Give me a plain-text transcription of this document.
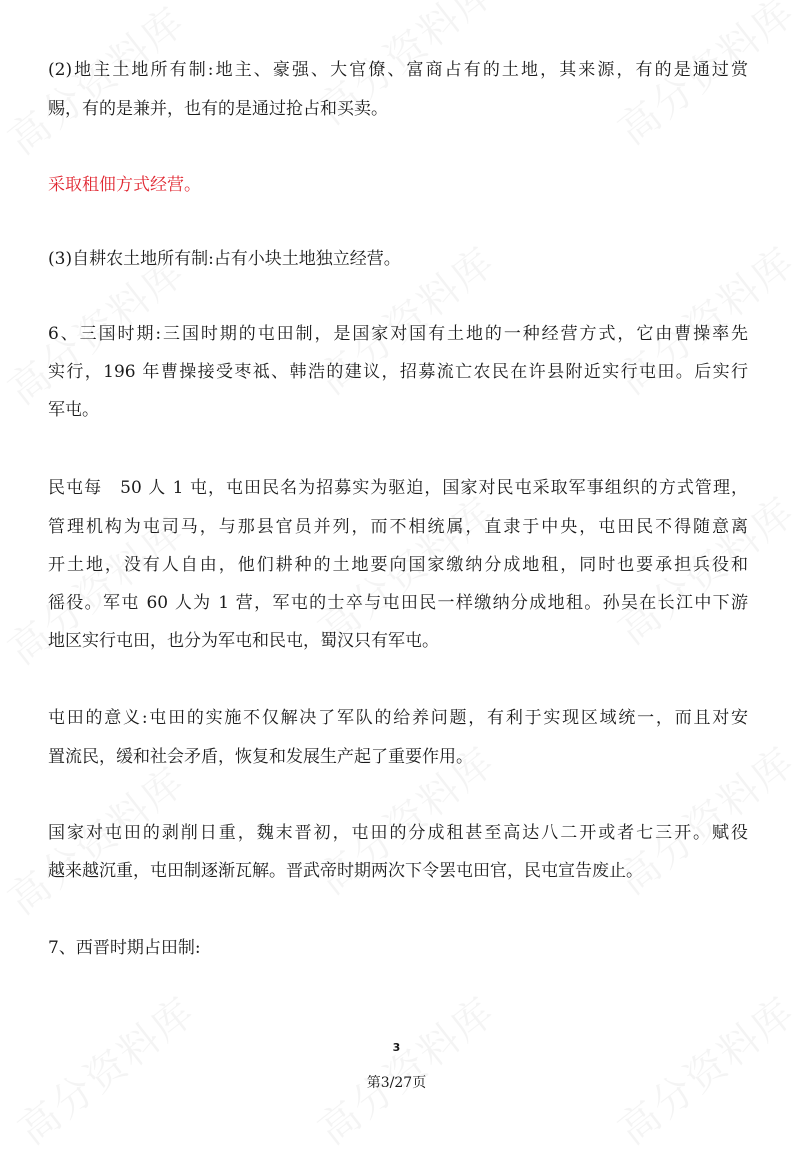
(2)地主土地所有制:地主、豪强、大官僚、富商占有的土地，其来源，有的是通过赏
赐，有的是兼并，也有的是通过抢占和买卖。
采取租佃方式经营。
(3)自耕农土地所有制:占有小块土地独立经营。
6、三国时期:三国时期的屯田制，是国家对国有土地的一种经营方式，它由曹操率先
实行，196 年曹操接受枣祗、韩浩的建议，招募流亡农民在许县附近实行屯田。后实行
军屯。
民屯每　50 人 1 屯，屯田民名为招募实为驱迫，国家对民屯采取军事组织的方式管理，
管理机构为屯司马，与那县官员并列，而不相统属，直隶于中央，屯田民不得随意离
开土地，没有人自由，他们耕种的土地要向国家缴纳分成地租，同时也要承担兵役和
徭役。军屯 60 人为 1 营，军屯的士卒与屯田民一样缴纳分成地租。孙吴在长江中下游
地区实行屯田，也分为军屯和民屯，蜀汉只有军屯。
屯田的意义:屯田的实施不仅解决了军队的给养问题，有利于实现区域统一，而且对安
置流民，缓和社会矛盾，恢复和发展生产起了重要作用。
国家对屯田的剥削日重，魏末晋初，屯田的分成租甚至高达八二开或者七三开。赋役
越来越沉重，屯田制逐渐瓦解。晋武帝时期两次下令罢屯田官，民屯宣告废止。
7、西晋时期占田制:
3
第3/27页
